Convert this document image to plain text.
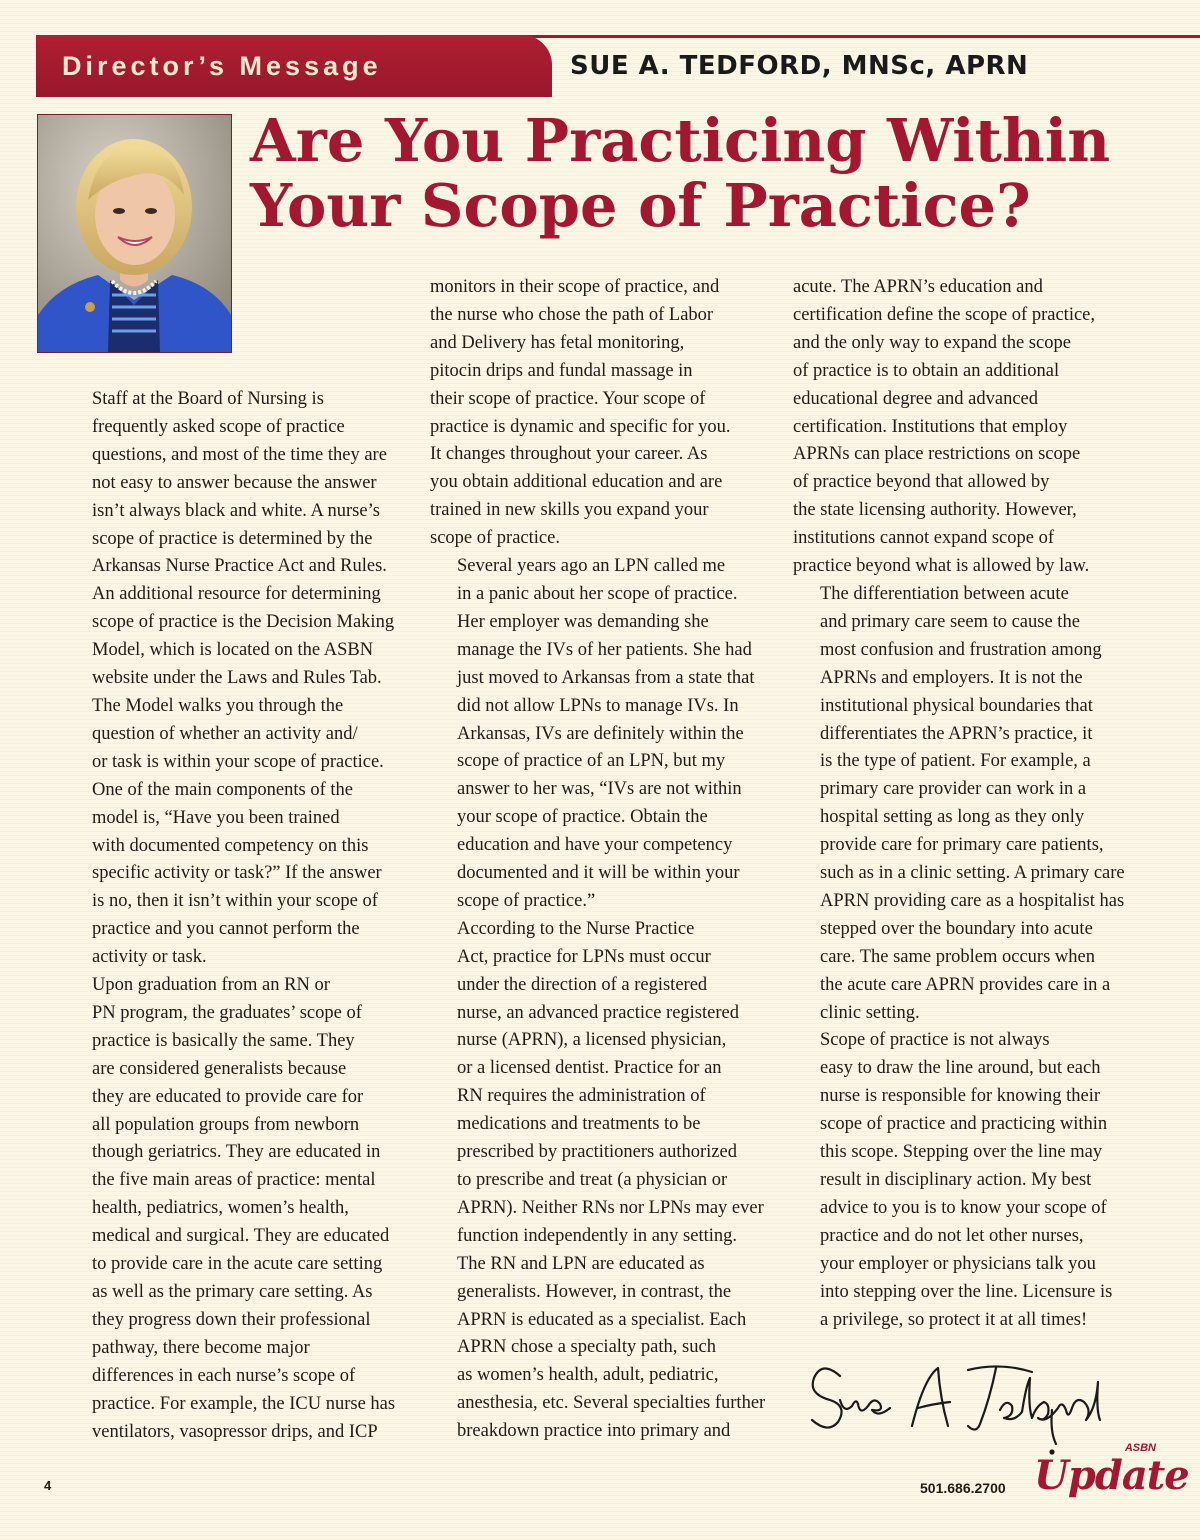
Director’s Message	SUE A. TEDFORD, MNSc, APRN
Are You Practicing Within
Your Scope of Practice?

Staff at the Board of Nursing is
frequently asked scope of practice
questions, and most of the time they are
not easy to answer because the answer
isn’t always black and white. A nurse’s
scope of practice is determined by the
Arkansas Nurse Practice Act and Rules.
An additional resource for determining
scope of practice is the Decision Making
Model, which is located on the ASBN
website under the Laws and Rules Tab.
The Model walks you through the
question of whether an activity and/
or task is within your scope of practice.
One of the main components of the
model is, “Have you been trained
with documented competency on this
specific activity or task?” If the answer
is no, then it isn’t within your scope of
practice and you cannot perform the
activity or task.

Upon graduation from an RN or
PN program, the graduates’ scope of
practice is basically the same. They
are considered generalists because
they are educated to provide care for
all population groups from newborn
though geriatrics. They are educated in
the five main areas of practice: mental
health, pediatrics, women’s health,
medical and surgical. They are educated
to provide care in the acute care setting
as well as the primary care setting. As
they progress down their professional
pathway, there become major
differences in each nurse’s scope of
practice. For example, the ICU nurse has
ventilators, vasopressor drips, and ICP

monitors in their scope of practice, and
the nurse who chose the path of Labor
and Delivery has fetal monitoring,
pitocin drips and fundal massage in
their scope of practice. Your scope of
practice is dynamic and specific for you.
It changes throughout your career. As
you obtain additional education and are
trained in new skills you expand your
scope of practice.

Several years ago an LPN called me
in a panic about her scope of practice.
Her employer was demanding she
manage the IVs of her patients. She had
just moved to Arkansas from a state that
did not allow LPNs to manage IVs. In
Arkansas, IVs are definitely within the
scope of practice of an LPN, but my
answer to her was, “IVs are not within
your scope of practice. Obtain the
education and have your competency
documented and it will be within your
scope of practice.”

According to the Nurse Practice
Act, practice for LPNs must occur
under the direction of a registered
nurse, an advanced practice registered
nurse (APRN), a licensed physician,
or a licensed dentist. Practice for an
RN requires the administration of
medications and treatments to be
prescribed by practitioners authorized
to prescribe and treat (a physician or
APRN). Neither RNs nor LPNs may ever
function independently in any setting.

The RN and LPN are educated as
generalists. However, in contrast, the
APRN is educated as a specialist. Each
APRN chose a specialty path, such
as women’s health, adult, pediatric,
anesthesia, etc. Several specialties further
breakdown practice into primary and

acute. The APRN’s education and
certification define the scope of practice,
and the only way to expand the scope
of practice is to obtain an additional
educational degree and advanced
certification. Institutions that employ
APRNs can place restrictions on scope
of practice beyond that allowed by
the state licensing authority. However,
institutions cannot expand scope of
practice beyond what is allowed by law.

The differentiation between acute
and primary care seem to cause the
most confusion and frustration among
APRNs and employers. It is not the
institutional physical boundaries that
differentiates the APRN’s practice, it
is the type of patient. For example, a
primary care provider can work in a
hospital setting as long as they only
provide care for primary care patients,
such as in a clinic setting. A primary care
APRN providing care as a hospitalist has
stepped over the boundary into acute
care. The same problem occurs when
the acute care APRN provides care in a
clinic setting.

Scope of practice is not always
easy to draw the line around, but each
nurse is responsible for knowing their
scope of practice and practicing within
this scope. Stepping over the line may
result in disciplinary action. My best
advice to you is to know your scope of
practice and do not let other nurses,
your employer or physicians talk you
into stepping over the line. Licensure is
a privilege, so protect it at all times!

4	501.686.2700
ASBN
Update
